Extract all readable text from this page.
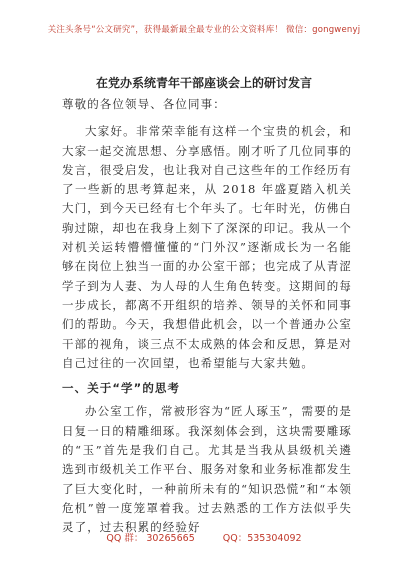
关注头条号“公文研究”，获得最新最全最专业的公文资料库！ 微信：gongwenyj
在党办系统青年干部座谈会上的研讨发言

尊敬的各位领导、各位同事：

大家好。非常荣幸能有这样一个宝贵的机会，和大家一起交流思想、分享感悟。刚才听了几位同事的发言，很受启发，也让我对自己这些年的工作经历有了一些新的思考算起来，从 2018 年盛夏踏入机关大门，到今天已经有七个年头了。七年时光，仿佛白驹过隙，却也在我身上刻下了深深的印记。我从一个对机关运转懵懵懂懂的“门外汉”逐渐成长为一名能够在岗位上独当一面的办公室干部；也完成了从青涩学子到为人妻、为人母的人生角色转变。这期间的每一步成长，都离不开组织的培养、领导的关怀和同事们的帮助。今天，我想借此机会，以一个普通办公室干部的视角，谈三点不太成熟的体会和反思，算是对自己过往的一次回望，也希望能与大家共勉。

一、关于“学”的思考

办公室工作，常被形容为“匠人琢玉”，需要的是日复一日的精雕细琢。我深刻体会到，这块需要雕琢的“玉”首先是我们自己。尤其是当我从县级机关遴选到市级机关工作平台、服务对象和业务标准都发生了巨大变化时，一种前所未有的“知识恐慌”和“本领危机”曾一度笼罩着我。过去熟悉的工作方法似乎失灵了，过去积累的经验好

QQ 群： 30265665	QQ：535304092
